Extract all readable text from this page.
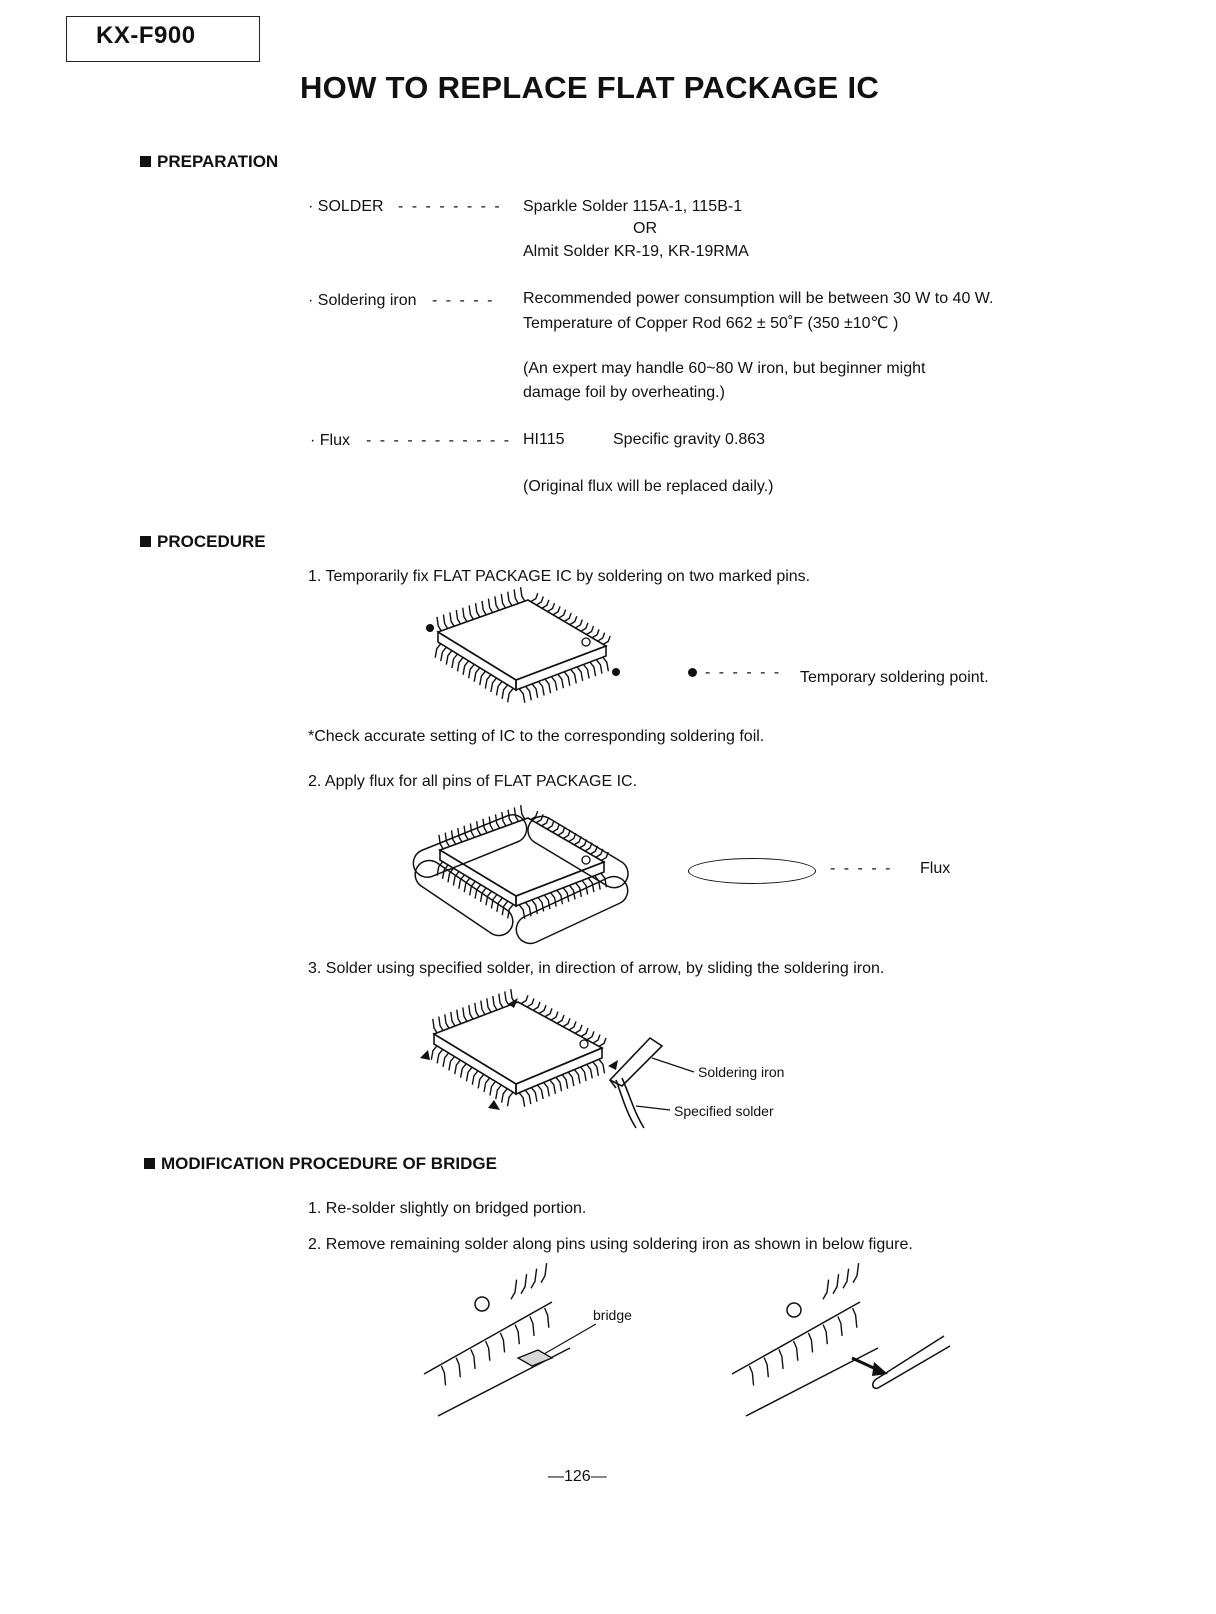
KX-F900
HOW TO REPLACE FLAT PACKAGE IC
PREPARATION
· SOLDER - - - - - - - - Sparkle Solder 115A-1, 115B-1
OR
Almit Solder KR-19, KR-19RMA
· Soldering iron - - - - - Recommended power consumption will be between 30 W to 40 W.
Temperature of Copper Rod 662 ± 50˚F (350 ±10℃ )
(An expert may handle 60~80 W iron, but beginner might
damage foil by overheating.)
· Flux - - - - - - - - - - - HI115	Specific gravity 0.863
(Original flux will be replaced daily.)
PROCEDURE
1. Temporarily fix FLAT PACKAGE IC by soldering on two marked pins.
- - - - - - Temporary soldering point.
*Check accurate setting of IC to the corresponding soldering foil.
2. Apply flux for all pins of FLAT PACKAGE IC.
- - - - - Flux
3. Solder using specified solder, in direction of arrow, by sliding the soldering iron.
Soldering iron
Specified solder
MODIFICATION PROCEDURE OF BRIDGE
1. Re-solder slightly on bridged portion.
2. Remove remaining solder along pins using soldering iron as shown in below figure.
bridge
—126—
